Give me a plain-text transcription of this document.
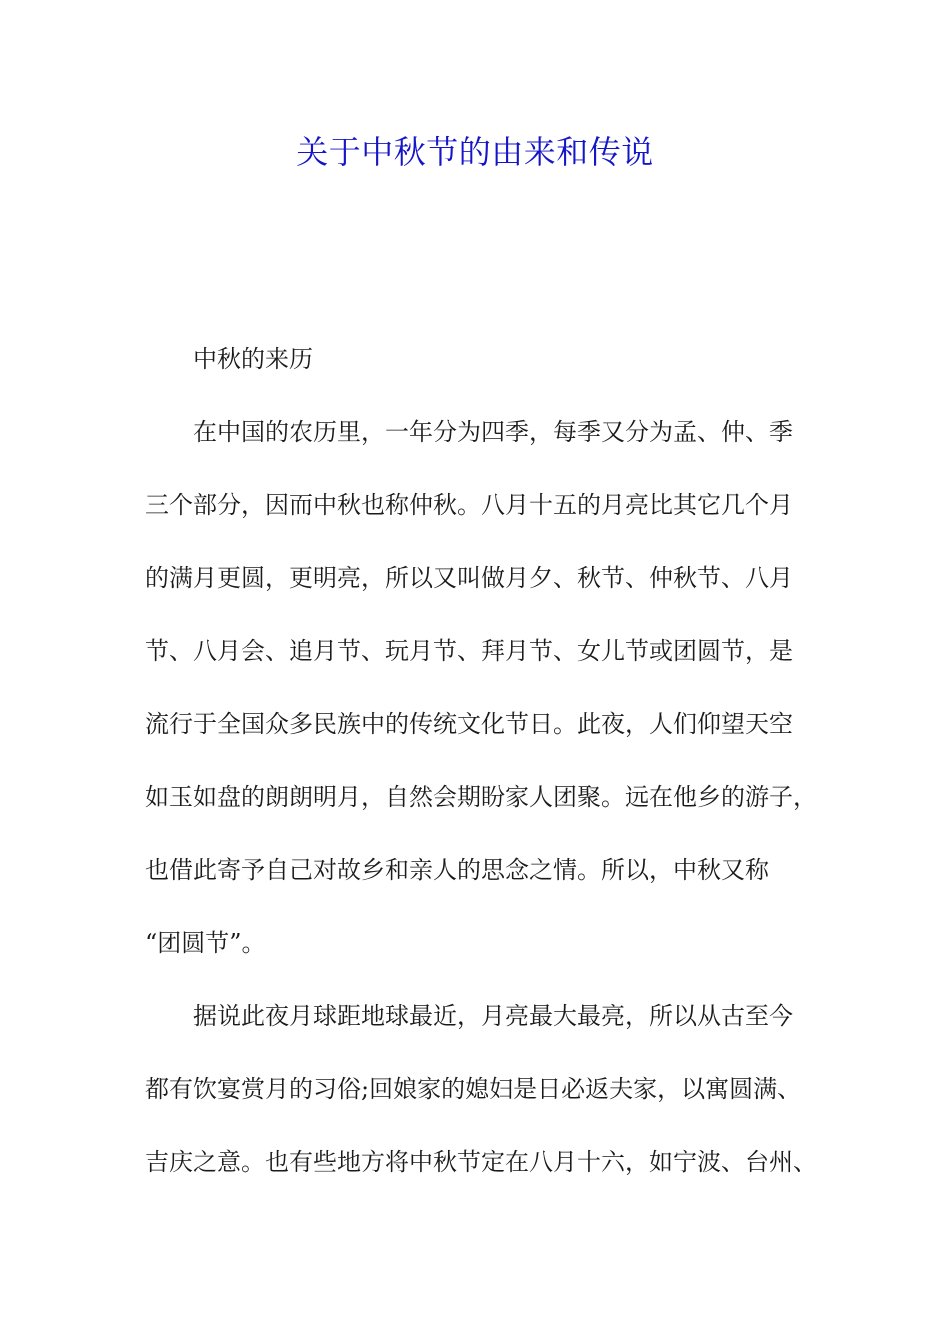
关于中秋节的由来和传说
中秋的来历
在中国的农历里，一年分为四季，每季又分为孟、仲、季
三个部分，因而中秋也称仲秋。八月十五的月亮比其它几个月
的满月更圆，更明亮，所以又叫做月夕、秋节、仲秋节、八月
节、八月会、追月节、玩月节、拜月节、女儿节或团圆节，是
流行于全国众多民族中的传统文化节日。此夜，人们仰望天空
如玉如盘的朗朗明月，自然会期盼家人团聚。远在他乡的游子，
也借此寄予自己对故乡和亲人的思念之情。所以，中秋又称
“团圆节”。
据说此夜月球距地球最近，月亮最大最亮，所以从古至今
都有饮宴赏月的习俗;回娘家的媳妇是日必返夫家，以寓圆满、
吉庆之意。也有些地方将中秋节定在八月十六，如宁波、台州、
